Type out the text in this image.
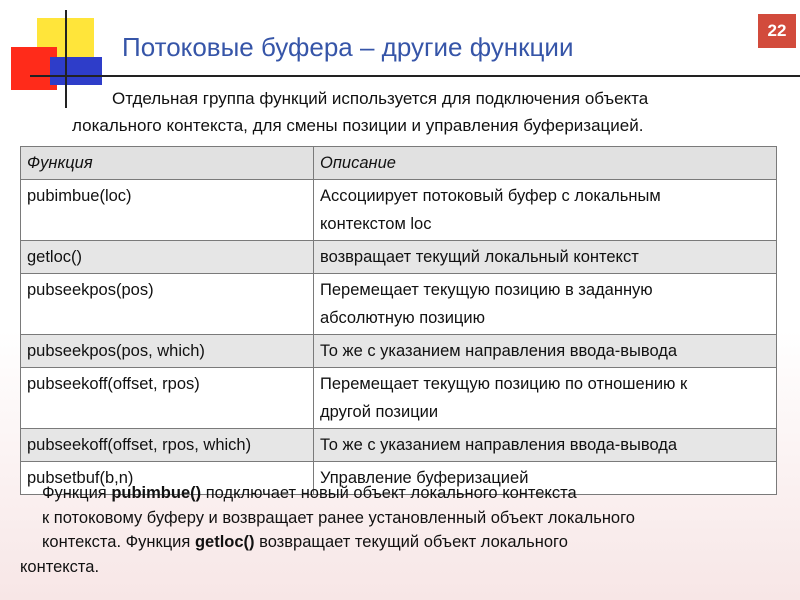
22
Потоковые буфера – другие функции
Отдельная группа функций используется для подключения объекта
локального контекста, для смены позиции и управления буферизацией.
Функция	Описание
pubimbue(loc)	Ассоциирует потоковый буфер с локальным
контекстом loc
getloc()	возвращает текущий локальный контекст
pubseekpos(pos)	Перемещает текущую позицию в заданную
абсолютную позицию
pubseekpos(pos, which)	То же с указанием направления ввода-вывода
pubseekoff(offset, rpos)	Перемещает текущую позицию по отношению к
другой позиции
pubseekoff(offset, rpos, which)	То же с указанием направления ввода-вывода
pubsetbuf(b,n)	Управление буферизацией
Функция pubimbue() подключает новый объект локального контекста
к потоковому буферу и возвращает ранее установленный объект локального
контекста. Функция getloc() возвращает текущий объект локального
контекста.
